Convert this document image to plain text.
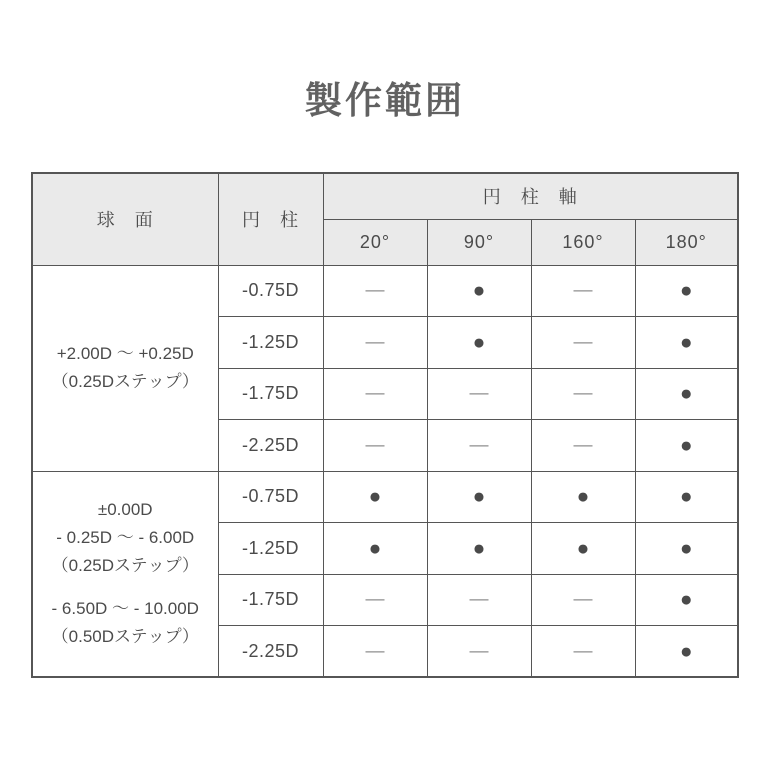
製作範囲
球　面	円　柱	円　柱　軸			
		20°	90°	160°	180°

+2.00D ～ +0.25D
（0.25Dステップ）	-0.75D	—	●	—	●
	-1.25D	—	●	—	●
	-1.75D	—	—	—	●
	-2.25D	—	—	—	●

±0.00D
- 0.25D ～ - 6.00D
（0.25Dステップ）
- 6.50D ～ - 10.00D
（0.50Dステップ）	-0.75D	●	●	●	●
	-1.25D	●	●	●	●
	-1.75D	—	—	—	●
	-2.25D	—	—	—	●
